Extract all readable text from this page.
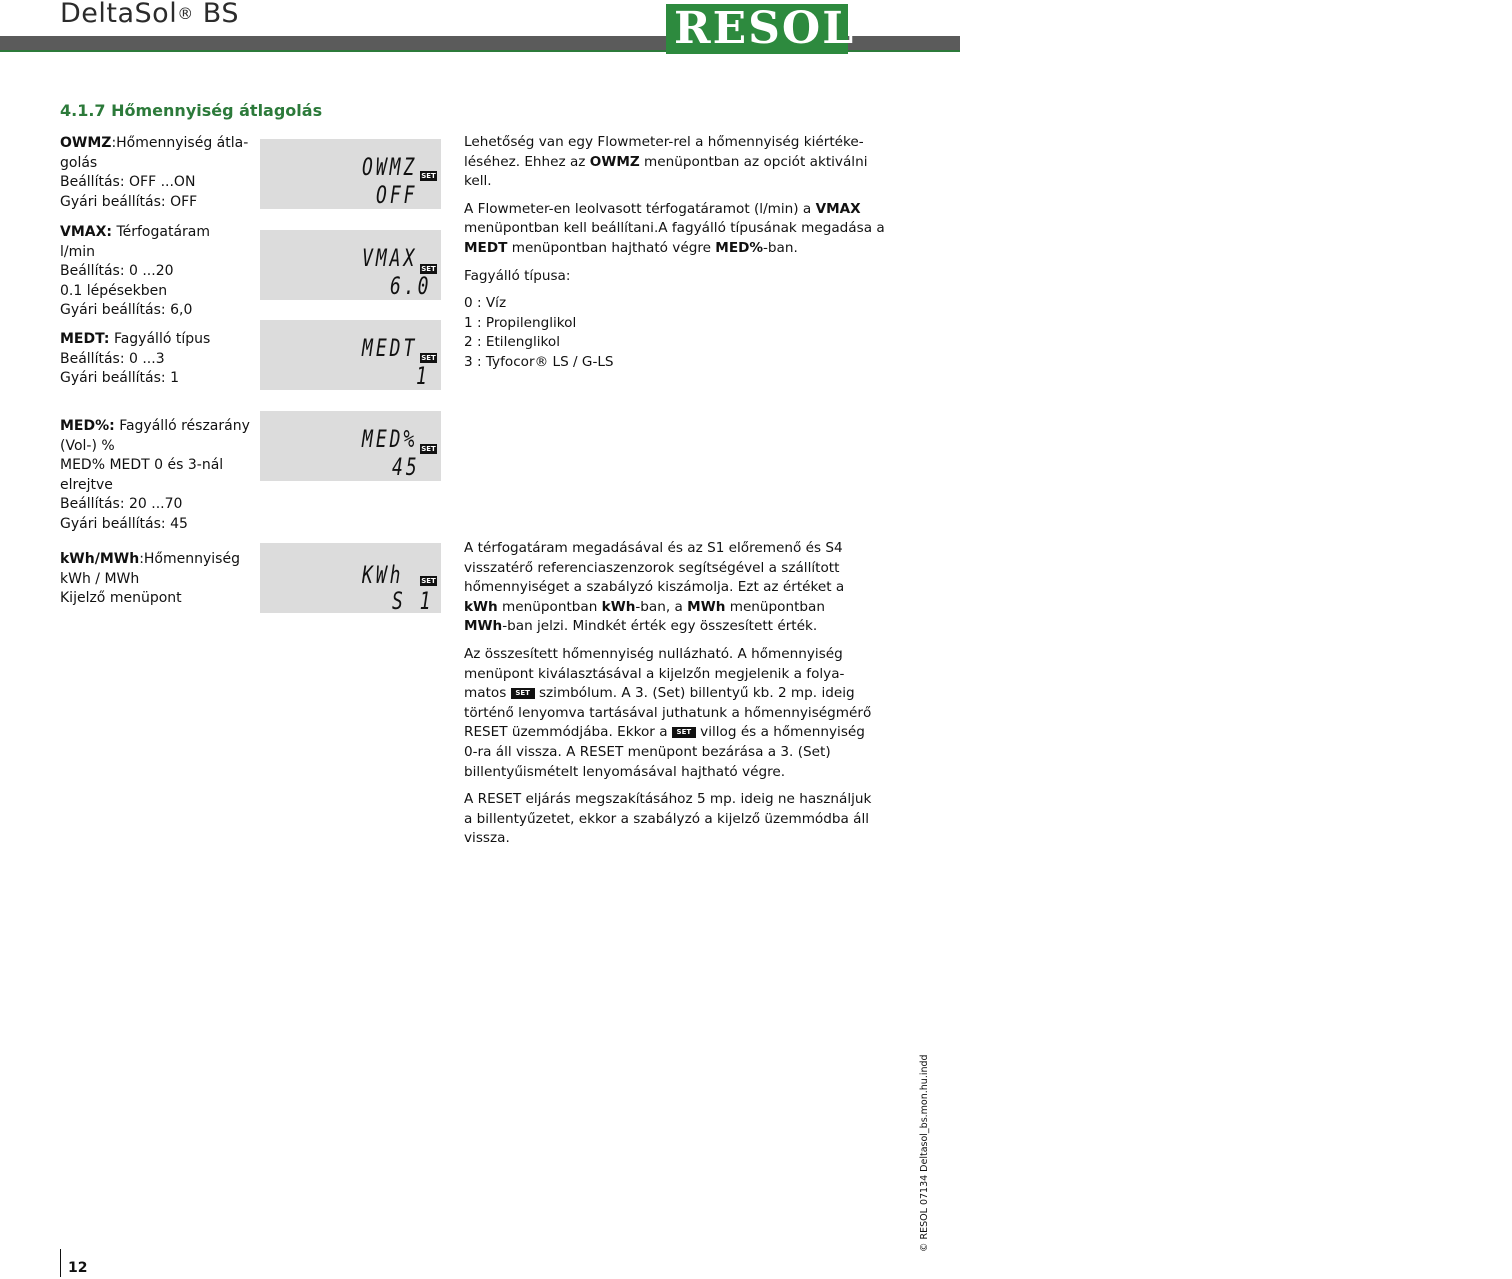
DeltaSol® BS	RESOL	®
4.1.7 Hőmennyiség átlagolás
OWMZ:Hőmennyiség átla-
golás
Beállítás: OFF ...ON
Gyári beállítás: OFF
VMAX: Térfogatáram
l/min
Beállítás: 0 ...20
0.1 lépésekben
Gyári beállítás: 6,0
MEDT: Fagyálló típus
Beállítás: 0 ...3
Gyári beállítás: 1
MED%: Fagyálló részarány
(Vol-) %
MED% MEDT 0 és 3-nál
elrejtve
Beállítás: 20 ...70
Gyári beállítás: 45
kWh/MWh:Hőmennyiség
kWh / MWh
Kijelző menüpont
OWMZ SET
OFF
VMAX SET
6.0
MEDT SET
1
MED% SET
45
KWh	SET
S 1

Lehetőség van egy Flowmeter-rel a hőmennyiség kiértéke-
léséhez. Ehhez az OWMZ menüpontban az opciót aktiválni
kell.

A Flowmeter-en leolvasott térfogatáramot (l/min) a VMAX
menüpontban kell beállítani.A fagyálló típusának megadása a
MEDT menüpontban hajtható végre MED%-ban.

Fagyálló típusa:

0 : Víz
1 : Propilenglikol
2 : Etilenglikol
3 : Tyfocor® LS / G-LS

A térfogatáram megadásával és az S1 előremenő és S4
visszatérő referenciaszenzorok segítségével a szállított
hőmennyiséget a szabályzó kiszámolja. Ezt az értéket a
kWh menüpontban kWh-ban, a MWh menüpontban
MWh-ban jelzi. Mindkét érték egy összesített érték.

Az összesített hőmennyiség nullázható. A hőmennyiség
menüpont kiválasztásával a kijelzőn megjelenik a folya-
matos SET szimbólum. A 3. (Set) billentyű kb. 2 mp. ideig
történő lenyomva tartásával juthatunk a hőmennyiségmérő
RESET üzemmódjába. Ekkor a SET villog és a hőmennyiség
0-ra áll vissza. A RESET menüpont bezárása a 3. (Set)
billentyűismételt lenyomásával hajtható végre.

A RESET eljárás megszakításához 5 mp. ideig ne használjuk
a billentyűzetet, ekkor a szabályzó a kijelző üzemmódba áll
vissza.

12
© RESOL 07134 Deltasol_bs.mon.hu.indd
